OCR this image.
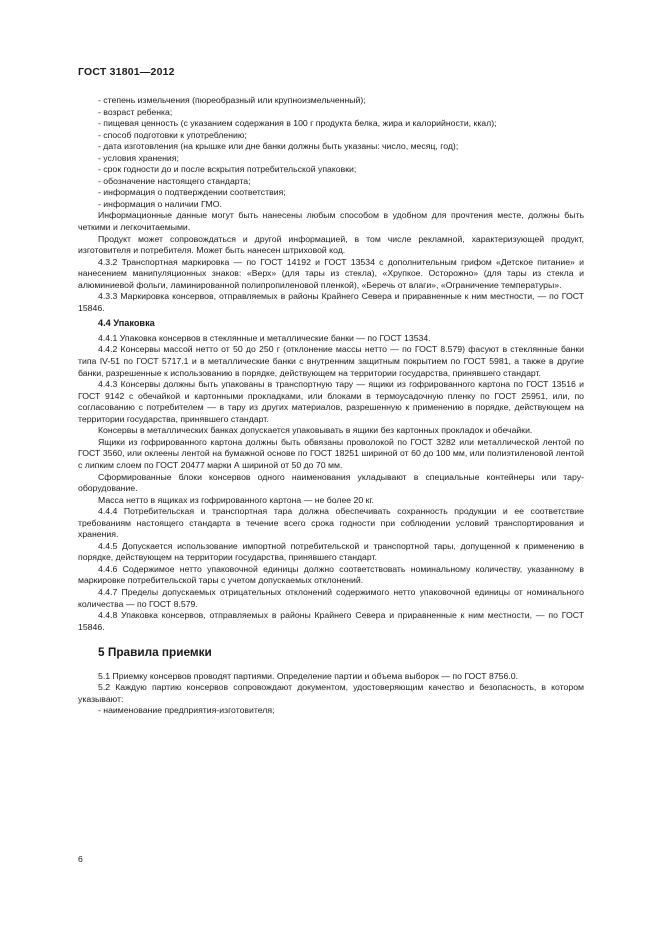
ГОСТ 31801—2012
- степень измельчения (пюреобразный или крупноизмельченный);
- возраст ребенка;
- пищевая ценность (с указанием содержания в 100 г продукта белка, жира и калорийности, ккал);
- способ подготовки к употреблению;
- дата изготовления (на крышке или дне банки должны быть указаны: число, месяц, год);
- условия хранения;
- срок годности до и после вскрытия потребительской упаковки;
- обозначение настоящего стандарта;
- информация о подтверждении соответствия;
- информация о наличии ГМО.

Информационные данные могут быть нанесены любым способом в удобном для прочтения месте, должны быть четкими и легкочитаемыми.

Продукт может сопровождаться и другой информацией, в том числе рекламной, характеризующей продукт, изготовителя и потребителя. Может быть нанесен штриховой код.

4.3.2 Транспортная маркировка — по ГОСТ 14192 и ГОСТ 13534 с дополнительным грифом «Детское питание» и нанесением манипуляционных знаков: «Верх» (для тары из стекла), «Хрупкое. Осторожно» (для тары из стекла и алюминиевой фольги, ламинированной полипропиленовой пленкой), «Беречь от влаги», «Ограничение температуры».

4.3.3 Маркировка консервов, отправляемых в районы Крайнего Севера и приравненные к ним местности, — по ГОСТ 15846.

4.4 Упаковка

4.4.1 Упаковка консервов в стеклянные и металлические банки — по ГОСТ 13534.

4.4.2 Консервы массой нетто от 50 до 250 г (отклонение массы нетто — по ГОСТ 8.579) фасуют в стеклянные банки типа IV-51 по ГОСТ 5717.1 и в металлические банки с внутренним защитным покрытием по ГОСТ 5981, а также в другие банки, разрешенные к использованию в порядке, действующем на территории государства, принявшего стандарт.

4.4.3 Консервы должны быть упакованы в транспортную тару — ящики из гофрированного картона по ГОСТ 13516 и ГОСТ 9142 с обечайкой и картонными прокладками, или блоками в термоусадочную пленку по ГОСТ 25951, или, по согласованию с потребителем — в тару из других материалов, разрешенную к применению в порядке, действующем на территории государства, принявшего стандарт.

Консервы в металлических банках допускается упаковывать в ящики без картонных прокладок и обечайки.

Ящики из гофрированного картона должны быть обвязаны проволокой по ГОСТ 3282 или металлической лентой по ГОСТ 3560, или оклеены лентой на бумажной основе по ГОСТ 18251 шириной от 60 до 100 мм, или полиэтиленовой лентой с липким слоем по ГОСТ 20477 марки А шириной от 50 до 70 мм.

Сформированные блоки консервов одного наименования укладывают в специальные контейнеры или тару-оборудование.

Масса нетто в ящиках из гофрированного картона — не более 20 кг.

4.4.4 Потребительская и транспортная тара должна обеспечивать сохранность продукции и ее соответствие требованиям настоящего стандарта в течение всего срока годности при соблюдении условий транспортирования и хранения.

4.4.5 Допускается использование импортной потребительской и транспортной тары, допущенной к применению в порядке, действующем на территории государства, принявшего стандарт.

4.4.6 Содержимое нетто упаковочной единицы должно соответствовать номинальному количеству, указанному в маркировке потребительской тары с учетом допускаемых отклонений.

4.4.7 Пределы допускаемых отрицательных отклонений содержимого нетто упаковочной единицы от номинального количества — по ГОСТ 8.579.

4.4.8 Упаковка консервов, отправляемых в районы Крайнего Севера и приравненные к ним местности, — по ГОСТ 15846.

5 Правила приемки

5.1 Приемку консервов проводят партиями. Определение партии и объема выборок — по ГОСТ 8756.0.

5.2 Каждую партию консервов сопровождают документом, удостоверяющим качество и безопасность, в котором указывают:

- наименование предприятия-изготовителя;
6
